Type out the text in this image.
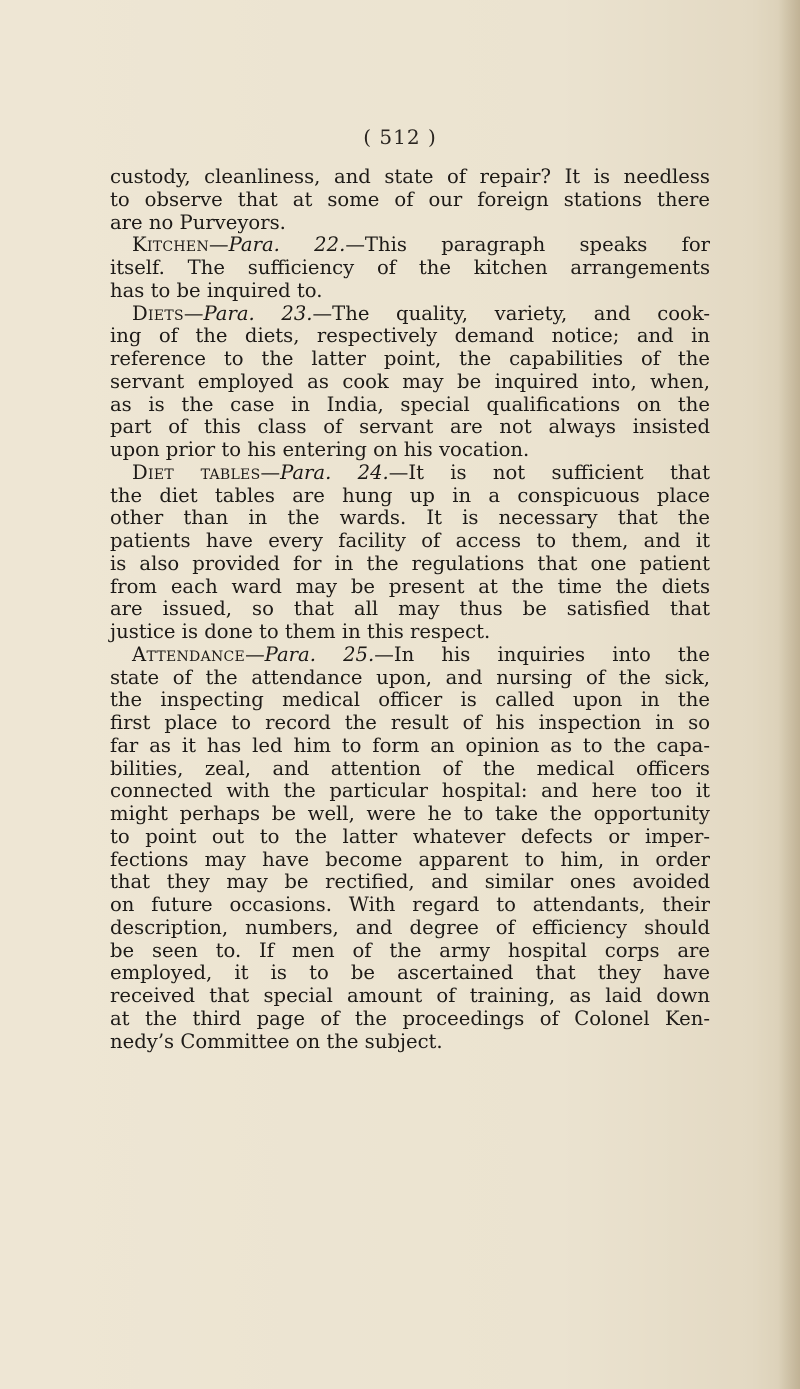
( 512 )
custody, cleanliness, and state of repair? It is needless
to observe that at some of our foreign stations there
are no Purveyors.
Kitchen—Para. 22.—This paragraph speaks for
itself. The sufficiency of the kitchen arrangements
has to be inquired to.
Diets—Para. 23.—The quality, variety, and cook-
ing of the diets, respectively demand notice; and in
reference to the latter point, the capabilities of the
servant employed as cook may be inquired into, when,
as is the case in India, special qualifications on the
part of this class of servant are not always insisted
upon prior to his entering on his vocation.
Diet tables—Para. 24.—It is not sufficient that
the diet tables are hung up in a conspicuous place
other than in the wards. It is necessary that the
patients have every facility of access to them, and it
is also provided for in the regulations that one patient
from each ward may be present at the time the diets
are issued, so that all may thus be satisfied that
justice is done to them in this respect.
Attendance—Para. 25.—In his inquiries into the
state of the attendance upon, and nursing of the sick,
the inspecting medical officer is called upon in the
first place to record the result of his inspection in so
far as it has led him to form an opinion as to the capa-
bilities, zeal, and attention of the medical officers
connected with the particular hospital: and here too it
might perhaps be well, were he to take the opportunity
to point out to the latter whatever defects or imper-
fections may have become apparent to him, in order
that they may be rectified, and similar ones avoided
on future occasions. With regard to attendants, their
description, numbers, and degree of efficiency should
be seen to. If men of the army hospital corps are
employed, it is to be ascertained that they have
received that special amount of training, as laid down
at the third page of the proceedings of Colonel Ken-
nedy’s Committee on the subject.
